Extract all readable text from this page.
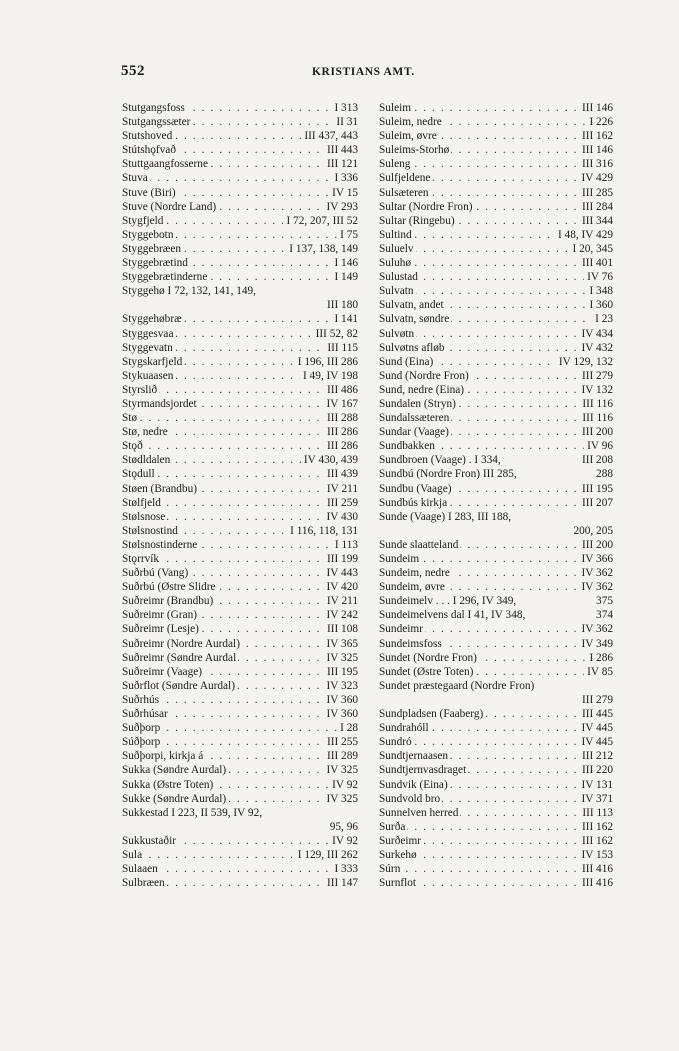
552	KRISTIANS AMT.
. . . Stutgangsfoss	I 313
. . . Stutgangssæter	II 31
. . . Stutshoved	III 437, 443
. . . Stútshǫfvað	III 443
. . . Stuttgaangfosserne	III 121
. . . Stuva	I 336
. . . Stuve (Biri)	IV 15
. . . Stuve (Nordre Land)	IV 293
. . . Stygfjeld	I 72, 207, III 52
. . . Styggebotn	I 75
. . . Styggebræen	I 137, 138, 149
. . . Styggebrætind	I 146
. . . Styggebrætinderne	I 149
Styggehø I 72, 132, 141, 149,
III 180
. . . Styggehøbræ	I 141
. . . Styggesvaa	III 52, 82
. . . Styggevatn	III 115
. . . Stygskarfjeld	I 196, III 286
. . . Stykuaasen	I 49, IV 198
. . . Styrslið	III 486
. . . Styrmandsjordet	IV 167
. . . Stø	III 288
. . . Stø, nedre	III 286
. . . Stǫð	III 286
. . . Stødldalen	IV 430, 439
. . . Stǫdull	III 439
. . . Støen (Brandbu)	IV 211
. . . Stølfjeld	III 259
. . . Stølsnose	IV 430
. . . Stølsnostind	I 116, 118, 131
. . . Stølsnostinderne	I 113
. . . Stǫrrvík	III 199
. . . Suðrbú (Vang)	IV 443
. . . Suðrbú (Østre Slidre	IV 420
. . . Suðreimr (Brandbu)	IV 211
. . . Suðreimr (Gran)	IV 242
. . . Suðreimr (Lesje)	III 108
. . . Suðreimr (Nordre Aurdal)	IV 365
. . . Suðreimr (Søndre Aurdal	IV 325
. . . Suðreimr (Vaage)	III 195
. . . Suðrflot (Søndre Aurdal)	IV 323
. . . Suðrhús	IV 360
. . . Suðrhúsar	IV 360
. . . Suðþorp	I 28
. . . Súðþorp	III 255
. . . Suðþorpi, kirkja á	III 289
. . . Sukka (Søndre Aurdal)	IV 325
. . . Sukka (Østre Toten)	IV 92
. . . Sukke (Søndre Aurdal)	IV 325
Sukkestad I 223, II 539, IV 92,
95, 96
. . . Sukkustaðir	IV 92
. . . Sula	I 129, III 262
. . . Sulaaen	I 333
. . . Sulbræen	III 147
. . . Suleim	III 146
. . . Suleim, nedre	I 226
. . . Suleim, øvre	III 162
. . . Suleims-Storhø	III 146
. . . Suleng	III 316
. . . Sulfjeldene	IV 429
. . . Sulsæteren	III 285
. . . Sultar (Nordre Fron)	III 284
. . . Sultar (Ringebu)	III 344
. . . Sultind	I 48, IV 429
. . . Suluelv	I 20, 345
. . . Suluhø	III 401
. . . Sulustad	IV 76
. . . Sulvatn	I 348
. . . Sulvatn, andet	I 360
. . . Sulvatn, søndre	I 23
. . . Sulvøtn	IV 434
. . . Sulvøtns afløb	IV 432
. . . Sund (Eina)	IV 129, 132
. . . Sund (Nordre Fron)	III 279
. . . Sund, nedre (Eina)	IV 132
. . . Sundalen (Stryn)	III 116
. . . Sundalssæteren	III 116
. . . Sundar (Vaage)	III 200
. . . Sundbakken	IV 96
Sundbroen (Vaage) . I 334,	III 208
Sundbú (Nordre Fron) III 285,	288
. . . Sundbu (Vaage)	III 195
. . . Sundbús kirkja	III 207
Sunde (Vaage) I 283, III 188,
200, 205
. . . Sunde slaatteland	III 200
. . . Sundeim	IV 366
. . . Sundeim, nedre	IV 362
. . . Sundeim, øvre	IV 362
Sundeimelv . . . I 296, IV 349,	375
Sundeimelvens dal I 41, IV 348,	374
. . . Sundeimr	IV 362
. . . Sundeimsfoss	IV 349
. . . Sundet (Nordre Fron)	I 286
. . . Sundet (Østre Toten)	IV 85
Sundet præstegaard (Nordre Fron)
III 279
. . . Sundpladsen (Faaberg)	III 445
. . . Sundrahóll	IV 445
. . . Sundró	IV 445
. . . Sundtjernaasen	III 212
. . . Sundtjernvasdraget	III 220
. . . Sundvik (Eina)	IV 131
. . . Sundvold bro	IV 371
. . . Sunnelven herred	III 113
. . . Surða	III 162
. . . Surðeimr	III 162
. . . Surkehø	IV 153
. . . Súrn	III 416
. . . Surnflot	III 416
